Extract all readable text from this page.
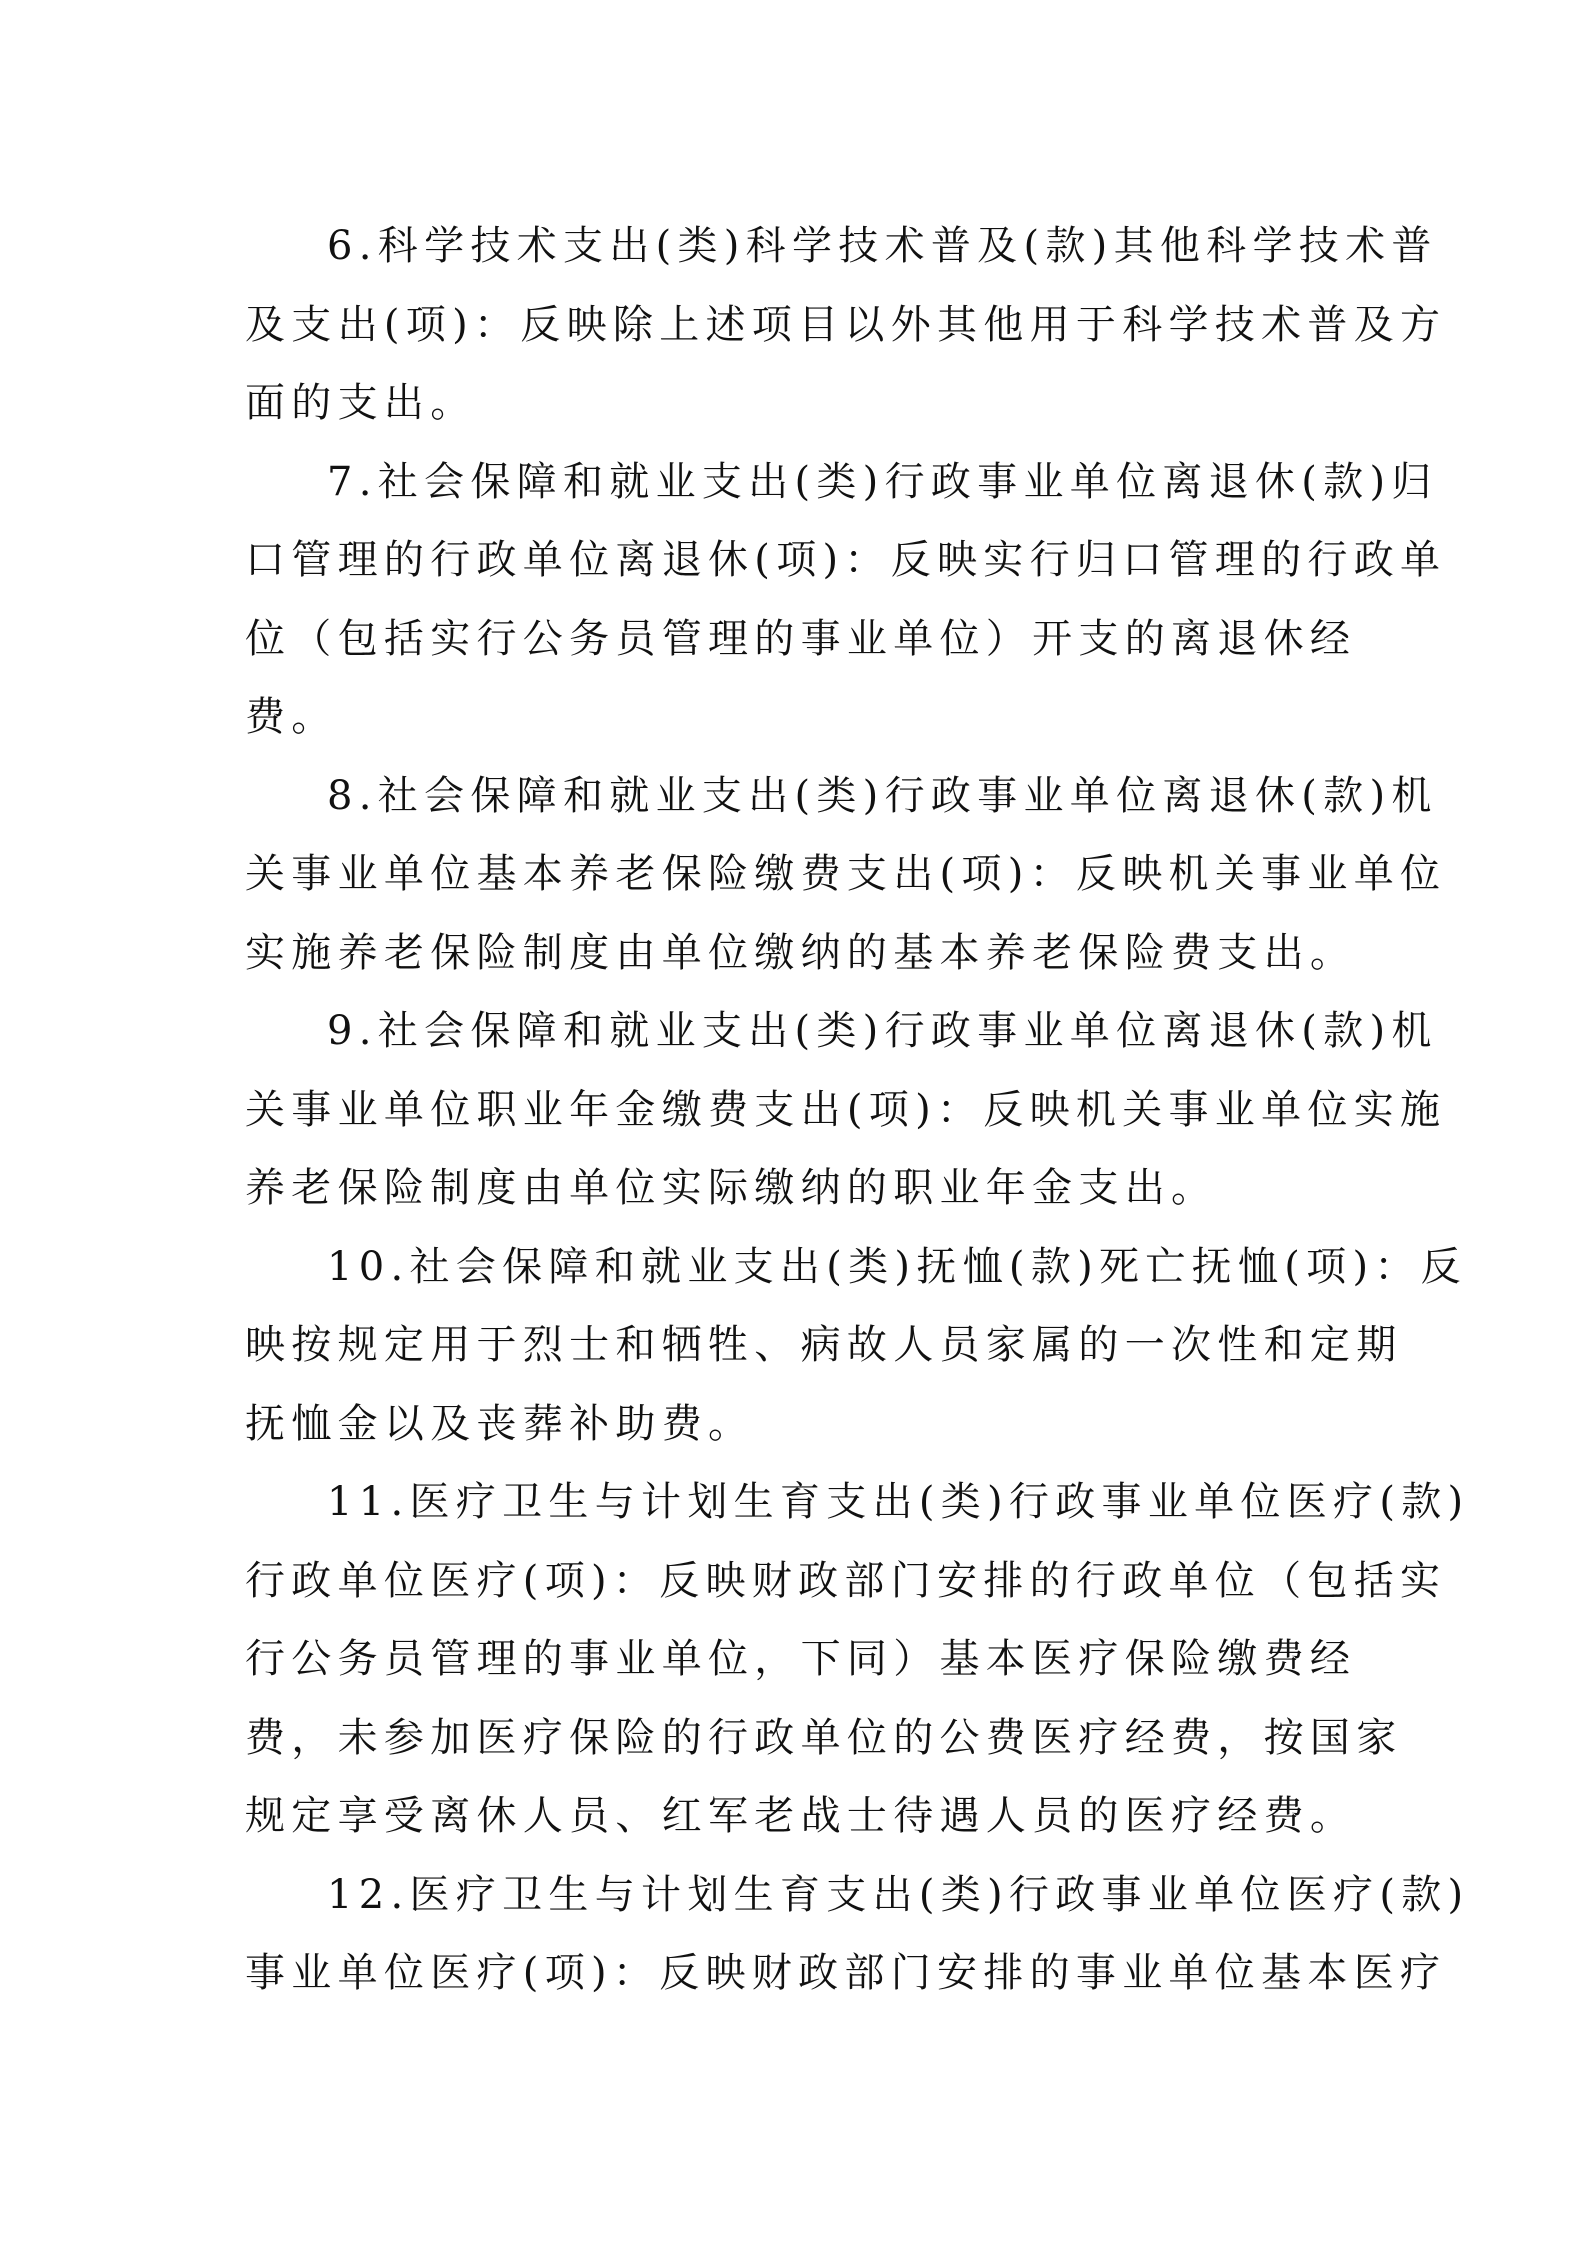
6.科学技术支出(类)科学技术普及(款)其他科学技术普
及支出(项)：反映除上述项目以外其他用于科学技术普及方
面的支出。
7.社会保障和就业支出(类)行政事业单位离退休(款)归
口管理的行政单位离退休(项)：反映实行归口管理的行政单
位（包括实行公务员管理的事业单位）开支的离退休经
费。
8.社会保障和就业支出(类)行政事业单位离退休(款)机
关事业单位基本养老保险缴费支出(项)：反映机关事业单位
实施养老保险制度由单位缴纳的基本养老保险费支出。
9.社会保障和就业支出(类)行政事业单位离退休(款)机
关事业单位职业年金缴费支出(项)：反映机关事业单位实施
养老保险制度由单位实际缴纳的职业年金支出。
10.社会保障和就业支出(类)抚恤(款)死亡抚恤(项)：反
映按规定用于烈士和牺牲、病故人员家属的一次性和定期
抚恤金以及丧葬补助费。
11.医疗卫生与计划生育支出(类)行政事业单位医疗(款)
行政单位医疗(项)：反映财政部门安排的行政单位（包括实
行公务员管理的事业单位，下同）基本医疗保险缴费经
费，未参加医疗保险的行政单位的公费医疗经费，按国家
规定享受离休人员、红军老战士待遇人员的医疗经费。
12.医疗卫生与计划生育支出(类)行政事业单位医疗(款)
事业单位医疗(项)：反映财政部门安排的事业单位基本医疗
